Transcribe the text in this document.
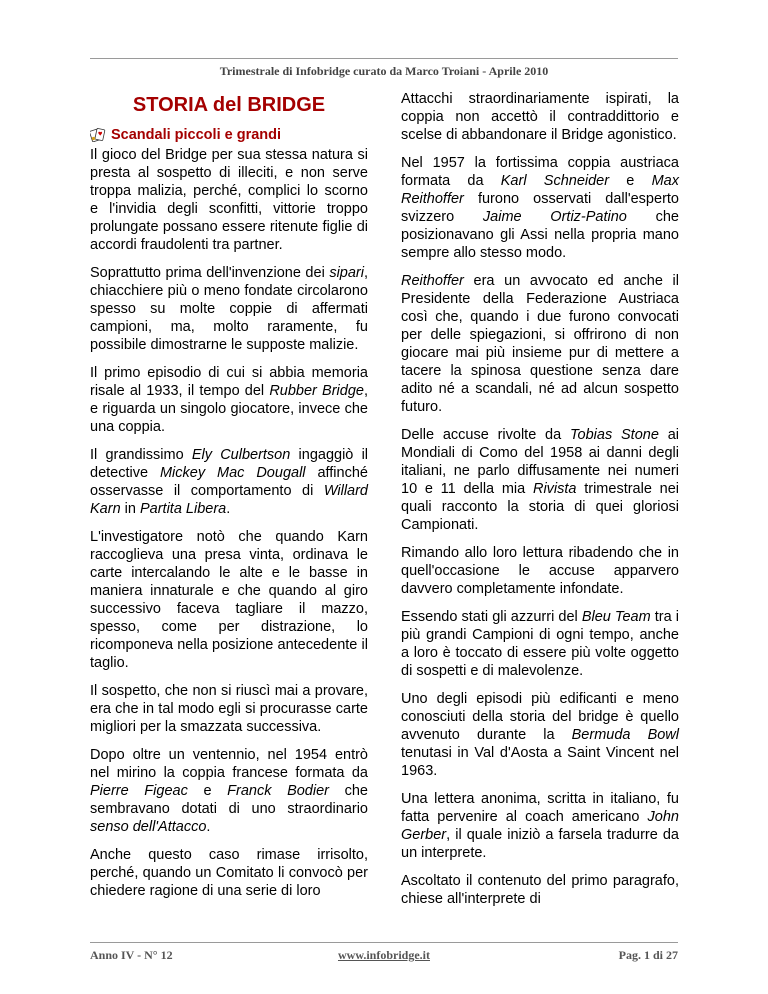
Trimestrale di Infobridge curato da Marco Troiani - Aprile 2010
STORIA del BRIDGE
Scandali piccoli e grandi

Il gioco del Bridge per sua stessa natura si presta al sospetto di illeciti, e non serve troppa malizia, perché, complici lo scorno e l'invidia degli sconfitti, vittorie troppo prolungate possano essere ritenute figlie di accordi fraudolenti tra partner.

Soprattutto prima dell'invenzione dei sipari, chiacchiere più o meno fondate circolarono spesso su molte coppie di affermati campioni, ma, molto raramente, fu possibile dimostrarne le supposte malizie.

Il primo episodio di cui si abbia memoria risale al 1933, il tempo del Rubber Bridge, e riguarda un singolo giocatore, invece che una coppia.

Il grandissimo Ely Culbertson ingaggiò il detective Mickey Mac Dougall affinché osservasse il comportamento di Willard Karn in Partita Libera.

L'investigatore notò che quando Karn raccoglieva una presa vinta, ordinava le carte intercalando le alte e le basse in maniera innaturale e che quando al giro successivo faceva tagliare il mazzo, spesso, come per distrazione, lo ricomponeva nella posizione antecedente il taglio.

Il sospetto, che non si riuscì mai a provare, era che in tal modo egli si procurasse carte migliori per la smazzata successiva.

Dopo oltre un ventennio, nel 1954 entrò nel mirino la coppia francese formata da Pierre Figeac e Franck Bodier che sembravano dotati di uno straordinario senso dell'Attacco.

Anche questo caso rimase irrisolto, perché, quando un Comitato li convocò per chiedere ragione di una serie di loro

Attacchi straordinariamente ispirati, la coppia non accettò il contraddittorio e scelse di abbandonare il Bridge agonistico.

Nel 1957 la fortissima coppia austriaca formata da Karl Schneider e Max Reithoffer furono osservati dall'esperto svizzero Jaime Ortiz-Patino che posizionavano gli Assi nella propria mano sempre allo stesso modo.

Reithoffer era un avvocato ed anche il Presidente della Federazione Austriaca così che, quando i due furono convocati per delle spiegazioni, si offrirono di non giocare mai più insieme pur di mettere a tacere la spinosa questione senza dare adito né a scandali, né ad alcun sospetto futuro.

Delle accuse rivolte da Tobias Stone ai Mondiali di Como del 1958 ai danni degli italiani, ne parlo diffusamente nei numeri 10 e 11 della mia Rivista trimestrale nei quali racconto la storia di quei gloriosi Campionati.

Rimando allo loro lettura ribadendo che in quell'occasione le accuse apparvero davvero completamente infondate.

Essendo stati gli azzurri del Bleu Team tra i più grandi Campioni di ogni tempo, anche a loro è toccato di essere più volte oggetto di sospetti e di malevolenze.

Uno degli episodi più edificanti e meno conosciuti della storia del bridge è quello avvenuto durante la Bermuda Bowl tenutasi in Val d'Aosta a Saint Vincent nel 1963.

Una lettera anonima, scritta in italiano, fu fatta pervenire al coach americano John Gerber, il quale iniziò a farsela tradurre da un interprete.

Ascoltato il contenuto del primo paragrafo, chiese all'interprete di

Anno IV - N° 12	www.infobridge.it	Pag. 1 di 27
